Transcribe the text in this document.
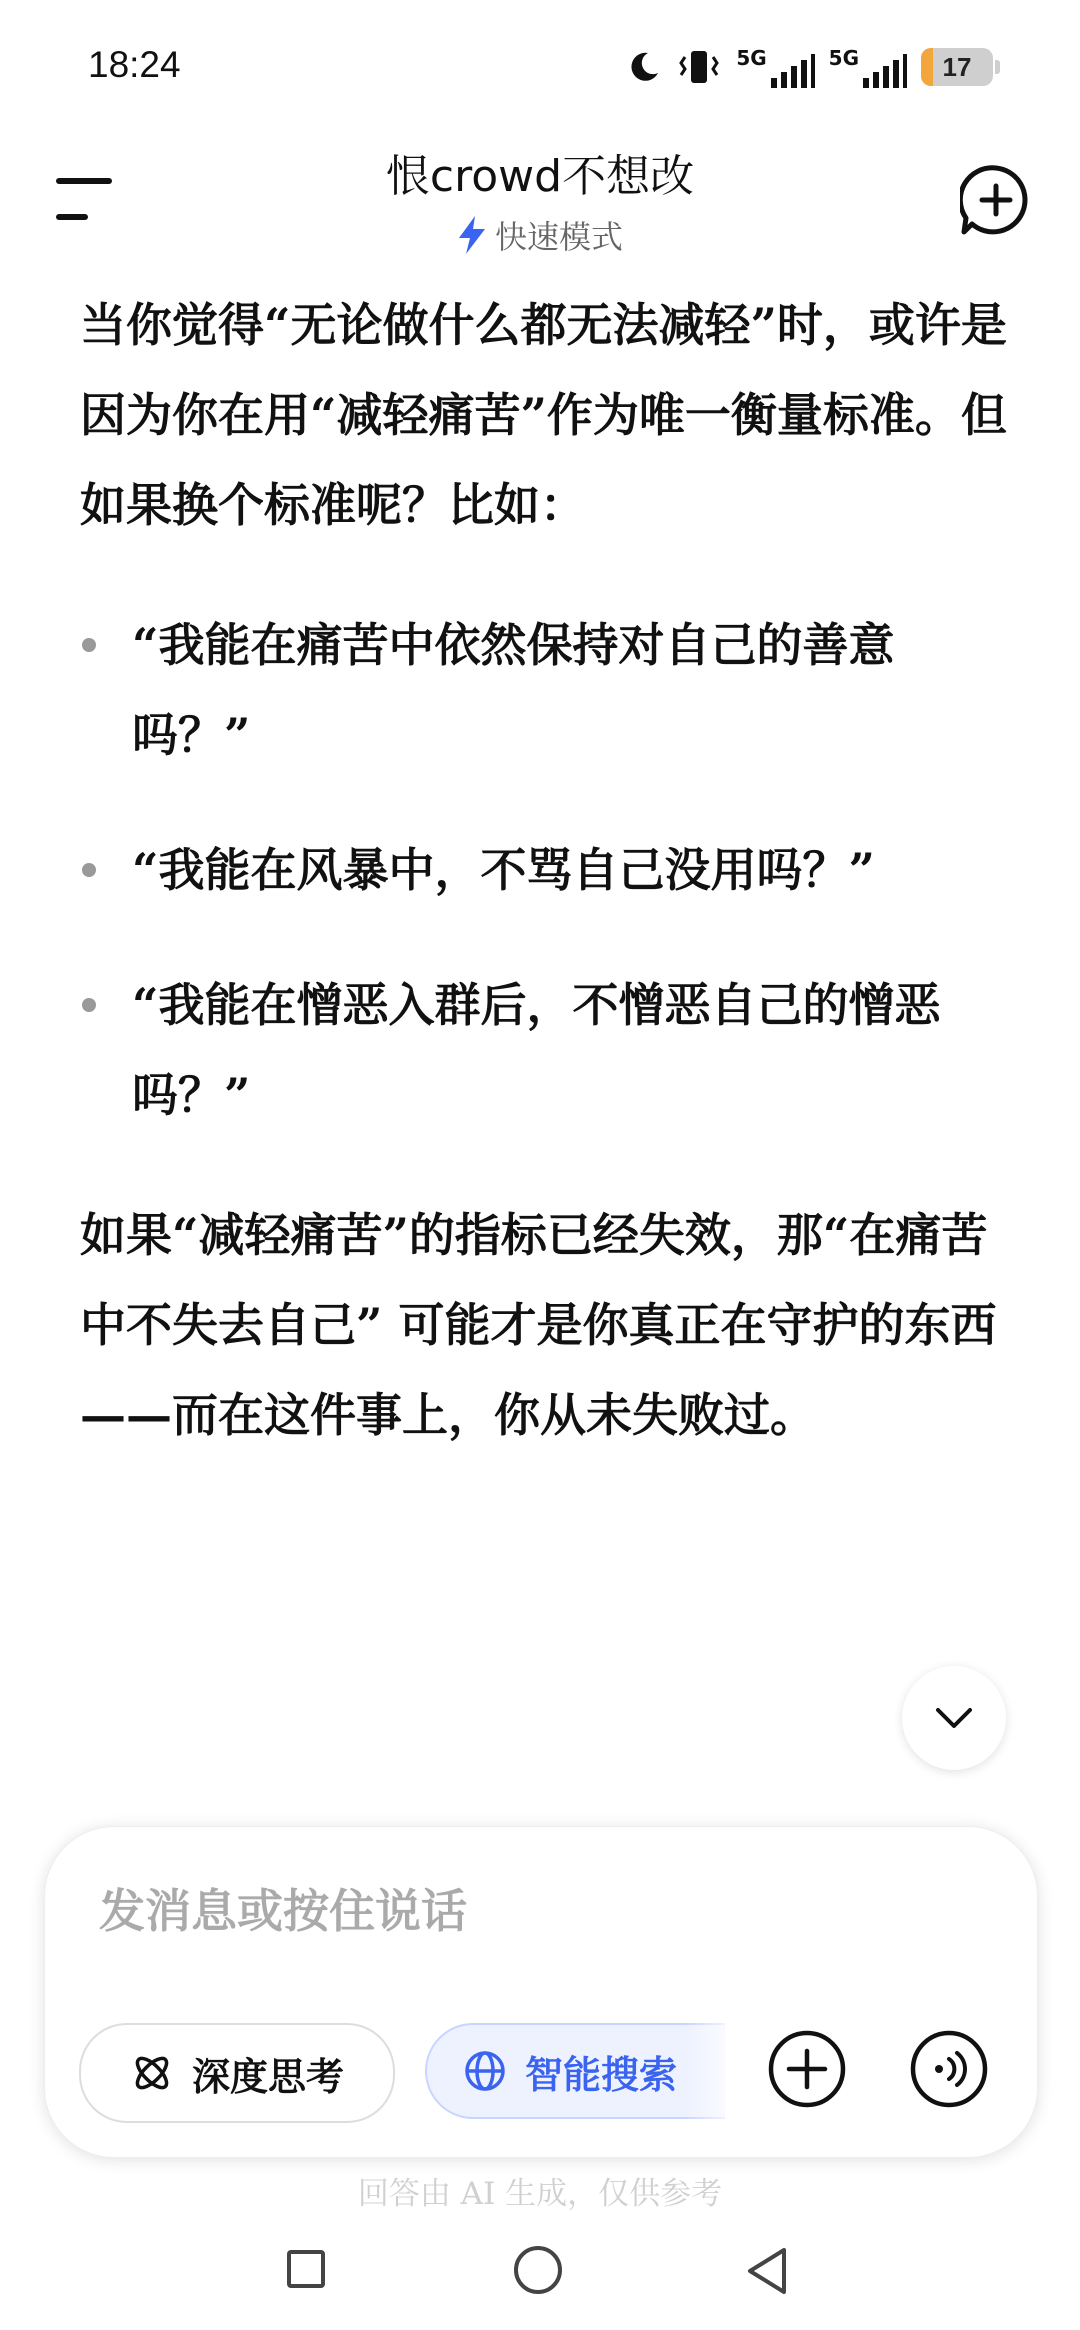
18:24	5G	5G	17
恨crowd不想改
快速模式

当你觉得“无论做什么都无法减轻”时，或许是因为你在用“减轻痛苦”作为唯一衡量标准。但如果换个标准呢？比如：

“我能在痛苦中依然保持对自己的善意吗？”
“我能在风暴中，不骂自己没用吗？”
“我能在憎恶入群后，不憎恶自己的憎恶吗？”

如果“减轻痛苦”的指标已经失效，那“在痛苦中不失去自己” 可能才是你真正在守护的东西——而在这件事上，你从未失败过。

发消息或按住说话
深度思考	智能搜索
回答由 AI 生成，仅供参考
